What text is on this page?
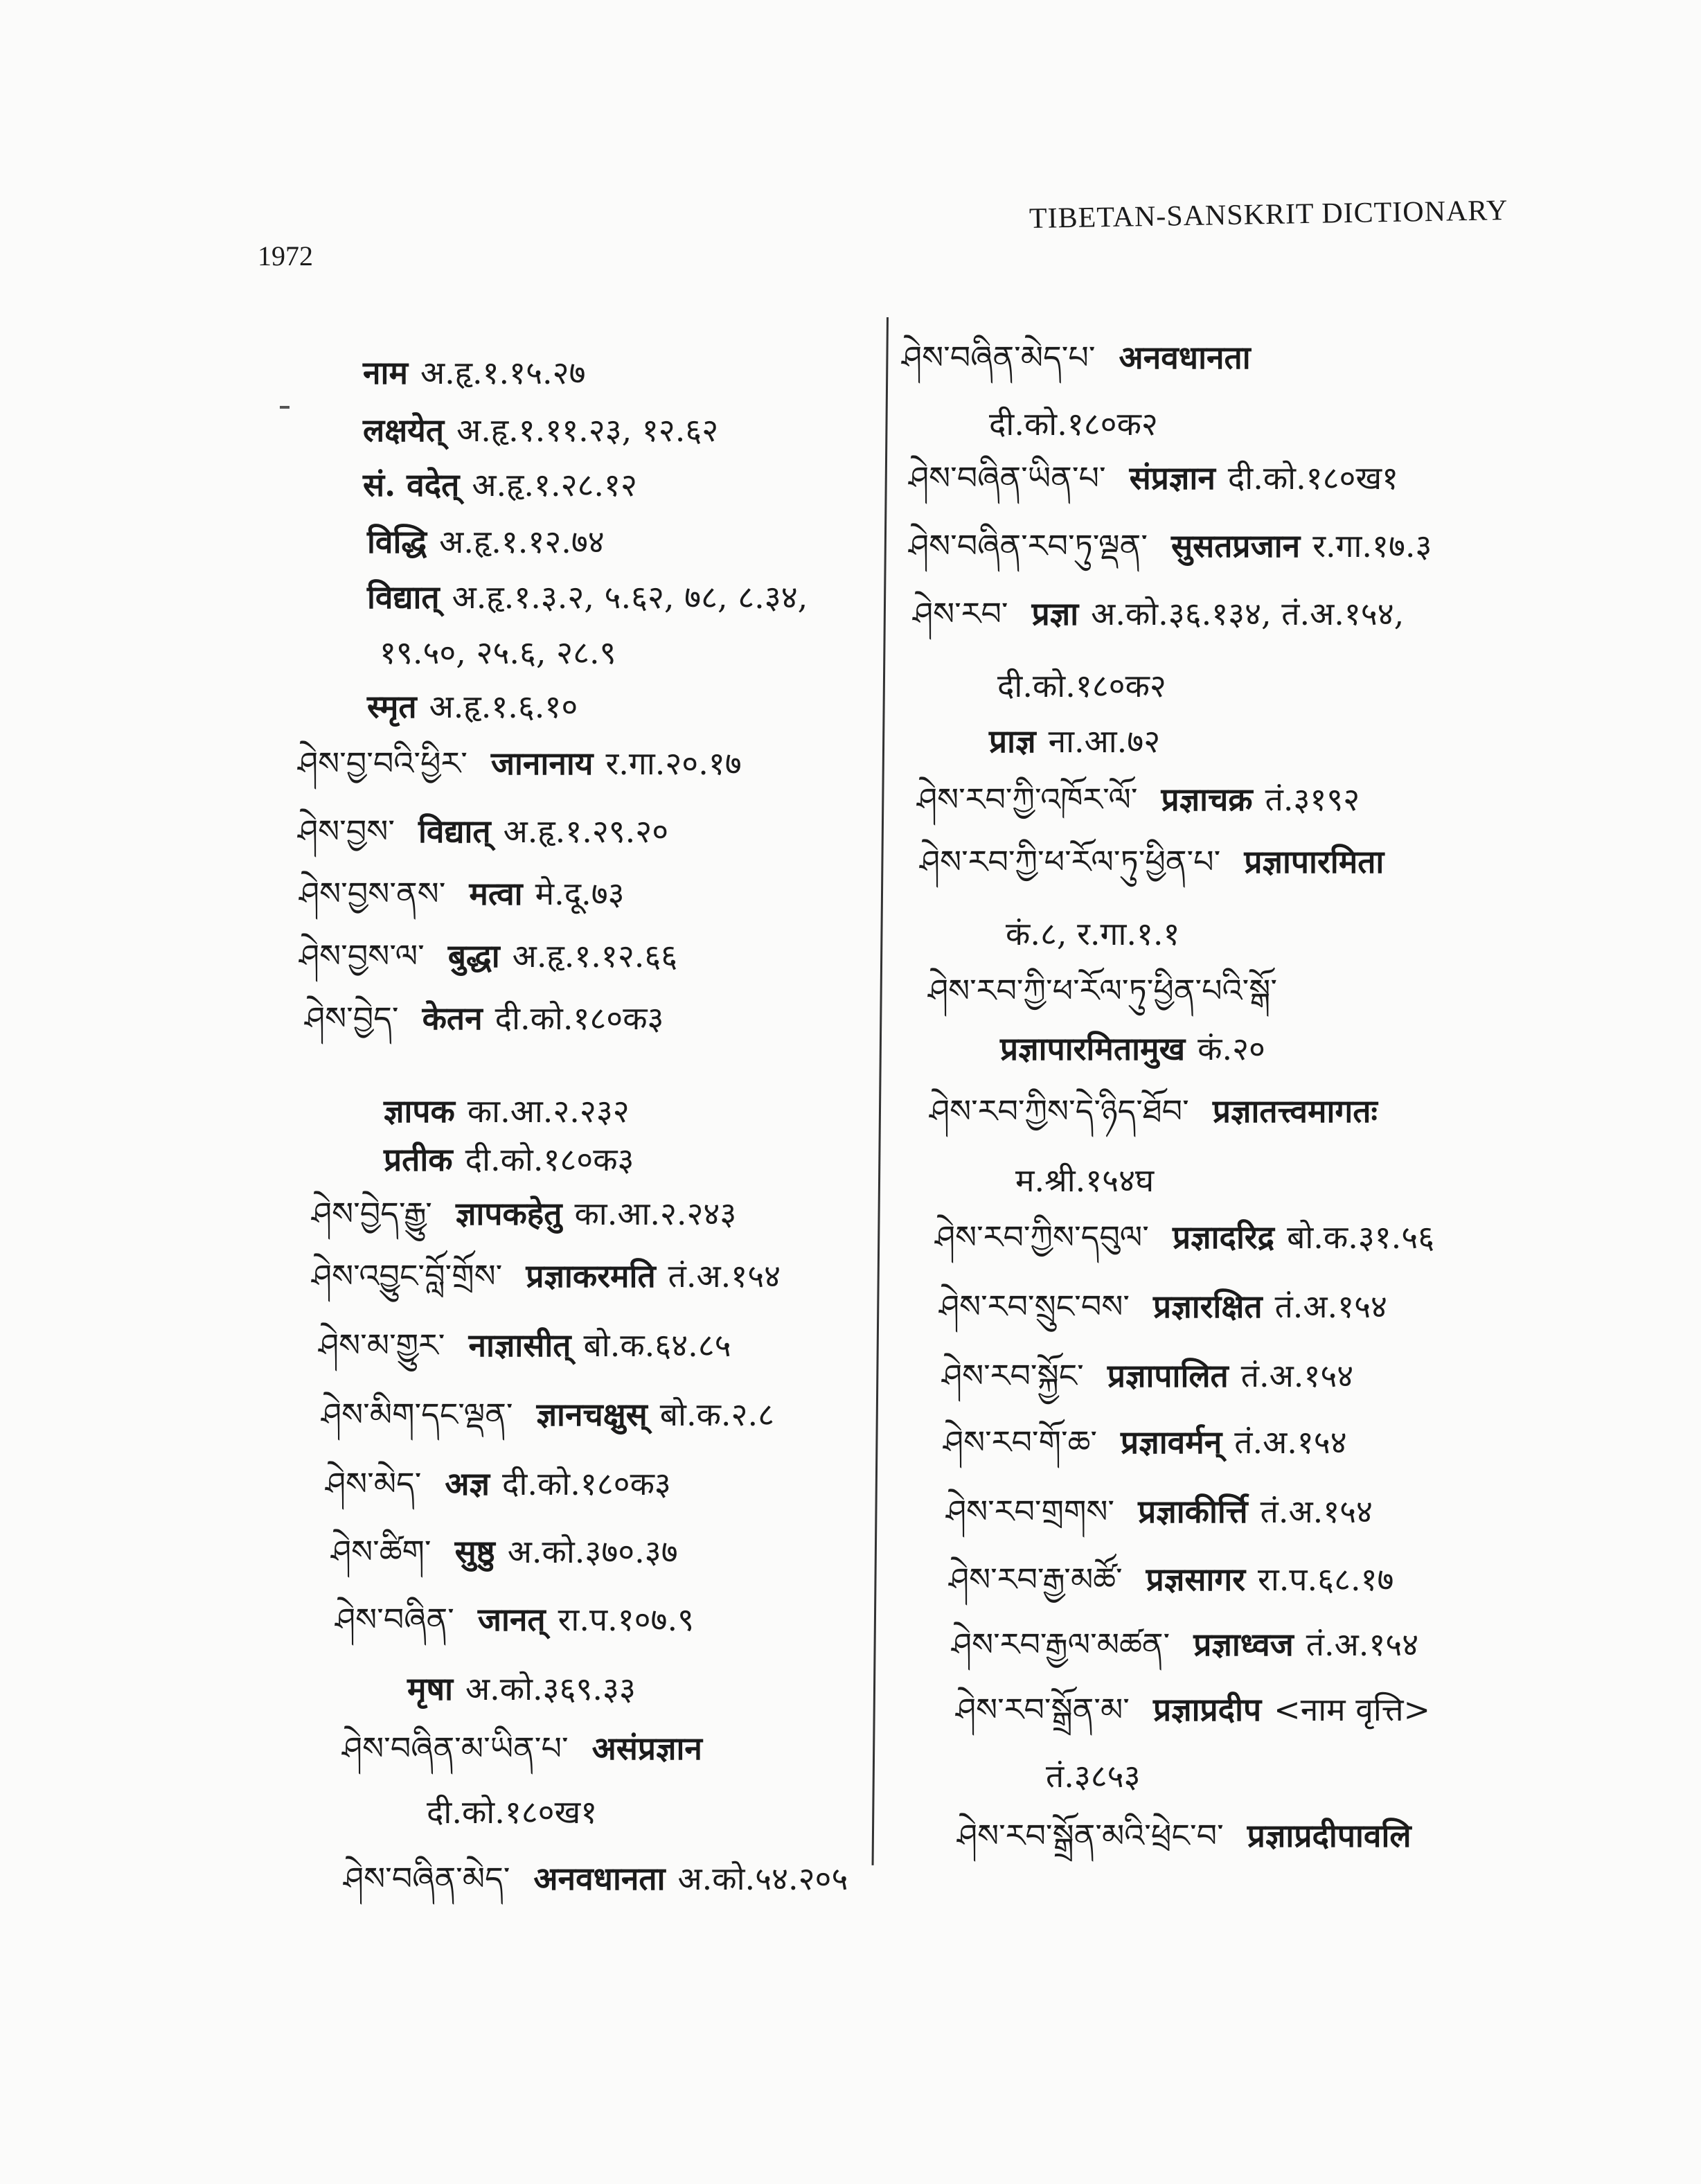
1972
TIBETAN-SANSKRIT DICTIONARY
नाम अ.हृ.१.१५.२७
लक्षयेत् अ.हृ.१.११.२३, १२.६२
सं. वदेत् अ.हृ.१.२८.१२
विद्धि अ.हृ.१.१२.७४
विद्यात् अ.हृ.१.३.२, ५.६२, ७८, ८.३४,
१९.५०, २५.६, २८.९
स्मृत अ.हृ.१.६.१०
ཤེས་བྱ་བའི་ཕྱིར་ जानानाय र.गा.२०.१७
ཤེས་བྱས་ विद्यात् अ.हृ.१.२९.२०
ཤེས་བྱས་ནས་ मत्वा मे.दू.७३
ཤེས་བྱས་ལ་ बुद्धा अ.हृ.१.१२.६६
ཤེས་བྱེད་ केतन दी.को.१८०क३
ज्ञापक का.आ.२.२३२
प्रतीक दी.को.१८०क३
ཤེས་བྱེད་རྒྱུ་ ज्ञापकहेतु का.आ.२.२४३
ཤེས་འབྱུང་བློ་གྲོས་ प्रज्ञाकरमति तं.अ.१५४
ཤེས་མ་གྱུར་ नाज्ञासीत् बो.क.६४.८५
ཤེས་མིག་དང་ལྡན་ ज्ञानचक्षुस् बो.क.२.८
ཤེས་མེད་ अज्ञ दी.को.१८०क३
ཤེས་ཚིག་ सुष्ठु अ.को.३७०.३७
ཤེས་བཞིན་ जानत् रा.प.१०७.९
मृषा अ.को.३६९.३३
ཤེས་བཞིན་མ་ཡིན་པ་ असंप्रज्ञान
दी.को.१८०ख१
ཤེས་བཞིན་མེད་ अनवधानता अ.को.५४.२०५
ཤེས་བཞིན་མེད་པ་ अनवधानता
दी.को.१८०क२
ཤེས་བཞིན་ཡིན་པ་ संप्रज्ञान दी.को.१८०ख१
ཤེས་བཞིན་རབ་ཏུ་ལྡན་ सुसतप्रजान र.गा.१७.३
ཤེས་རབ་ प्रज्ञा अ.को.३६.१३४, तं.अ.१५४,
दी.को.१८०क२
प्राज्ञ ना.आ.७२
ཤེས་རབ་ཀྱི་འཁོར་ལོ་ प्रज्ञाचक्र तं.३१९२
ཤེས་རབ་ཀྱི་ཕ་རོལ་ཏུ་ཕྱིན་པ་ प्रज्ञापारमिता
कं.८, र.गा.१.१
ཤེས་རབ་ཀྱི་ཕ་རོལ་ཏུ་ཕྱིན་པའི་སྒོ་
प्रज्ञापारमितामुख कं.२०
ཤེས་རབ་ཀྱིས་དེ་ཉིད་ཐོབ་ प्रज्ञातत्त्वमागतः
म.श्री.१५४घ
ཤེས་རབ་ཀྱིས་དབུལ་ प्रज्ञादरिद्र बो.क.३१.५६
ཤེས་རབ་སྲུང་བས་ प्रज्ञारक्षित तं.अ.१५४
ཤེས་རབ་སྐྱོང་ प्रज्ञापालित तं.अ.१५४
ཤེས་རབ་གོ་ཆ་ प्रज्ञावर्मन् तं.अ.१५४
ཤེས་རབ་གྲགས་ प्रज्ञाकीर्त्ति तं.अ.१५४
ཤེས་རབ་རྒྱ་མཚོ་ प्रज्ञसागर रा.प.६८.१७
ཤེས་རབ་རྒྱལ་མཚན་ प्रज्ञाध्वज तं.अ.१५४
ཤེས་རབ་སྒྲོན་མ་ प्रज्ञाप्रदीप <नाम वृत्ति>
तं.३८५३
ཤེས་རབ་སྒྲོན་མའི་ཕྲེང་བ་ प्रज्ञाप्रदीपावलि
